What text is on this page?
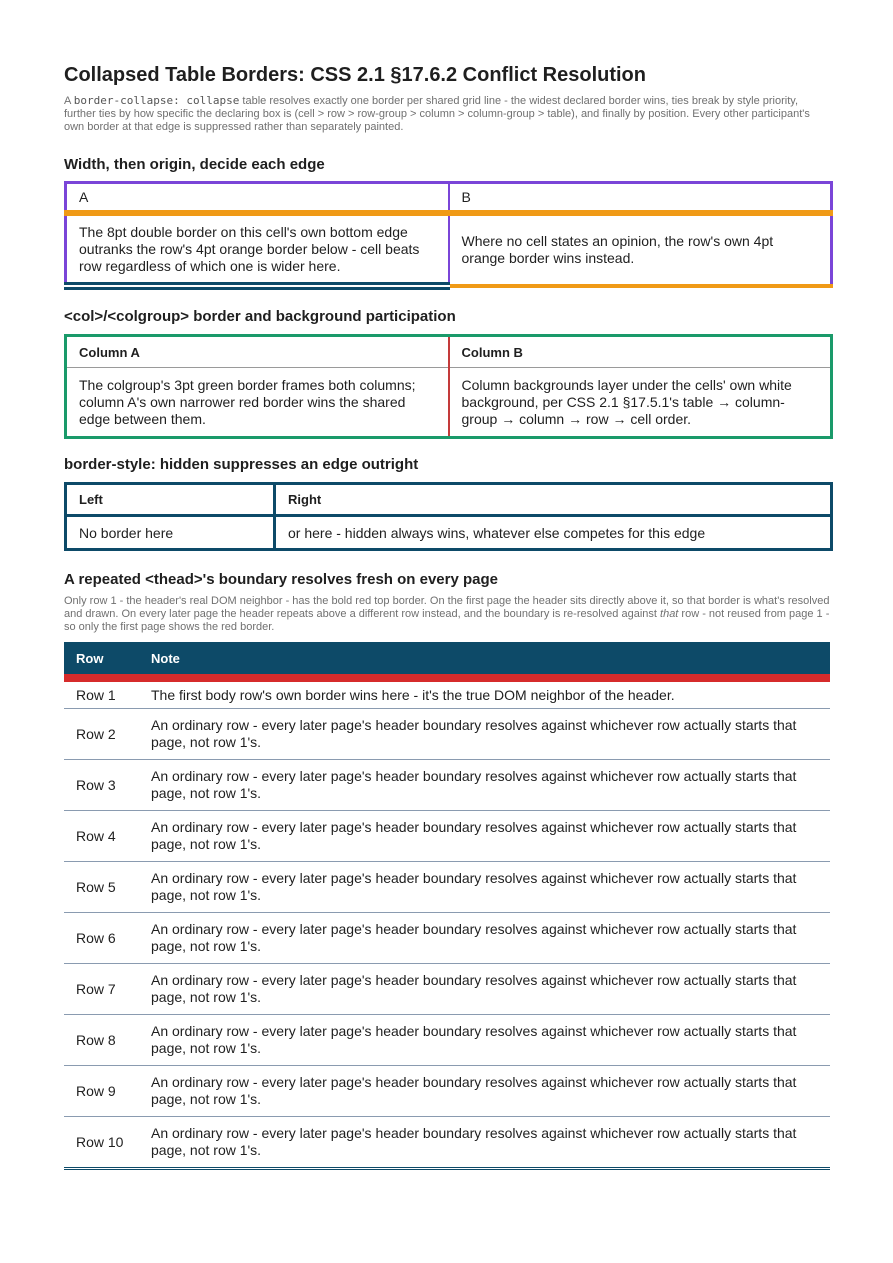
Collapsed Table Borders: CSS 2.1 §17.6.2 Conflict Resolution

A border-collapse: collapse table resolves exactly one border per shared grid line - the widest declared border wins, ties break by style priority, further ties by how specific the declaring box is (cell > row > row-group > column > column-group > table), and finally by position. Every other participant's own border at that edge is suppressed rather than separately painted.

Width, then origin, decide each edge
A	B
The 8pt double border on this cell's own bottom edge outranks the row's 4pt orange border below - cell beats row regardless of which one is wider here.	Where no cell states an opinion, the row's own 4pt orange border wins instead.
<col>/<colgroup> border and background participation
Column A	Column B
The colgroup's 3pt green border frames both columns; column A's own narrower red border wins the shared edge between them.	Column backgrounds layer under the cells' own white background, per CSS 2.1 §17.5.1's table → column-group → column → row → cell order.
border-style: hidden suppresses an edge outright
Left	Right
No border here	or here - hidden always wins, whatever else competes for this edge
A repeated <thead>'s boundary resolves fresh on every page

Only row 1 - the header's real DOM neighbor - has the bold red top border. On the first page the header sits directly above it, so that border is what's resolved and drawn. On every later page the header repeats above a different row instead, and the boundary is re-resolved against that row - not reused from page 1 - so only the first page shows the red border.

Row	Note
Row 1	The first body row's own border wins here - it's the true DOM neighbor of the header.
Row 2	An ordinary row - every later page's header boundary resolves against whichever row actually starts that page, not row 1's.
Row 3	An ordinary row - every later page's header boundary resolves against whichever row actually starts that page, not row 1's.
Row 4	An ordinary row - every later page's header boundary resolves against whichever row actually starts that page, not row 1's.
Row 5	An ordinary row - every later page's header boundary resolves against whichever row actually starts that page, not row 1's.
Row 6	An ordinary row - every later page's header boundary resolves against whichever row actually starts that page, not row 1's.
Row 7	An ordinary row - every later page's header boundary resolves against whichever row actually starts that page, not row 1's.
Row 8	An ordinary row - every later page's header boundary resolves against whichever row actually starts that page, not row 1's.
Row 9	An ordinary row - every later page's header boundary resolves against whichever row actually starts that page, not row 1's.
Row 10	An ordinary row - every later page's header boundary resolves against whichever row actually starts that page, not row 1's.
